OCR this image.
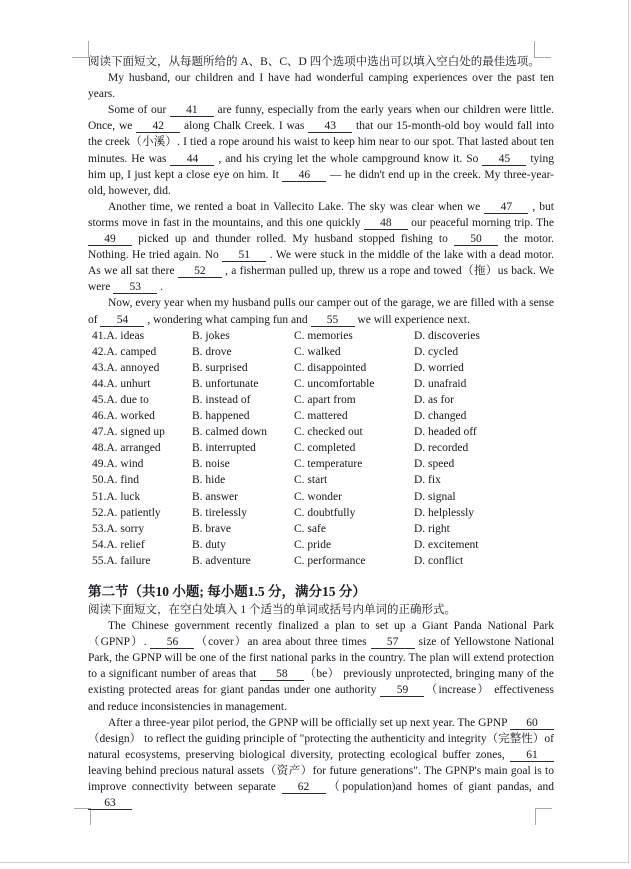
阅读下面短文，从每题所给的 A、B、C、D 四个选项中选出可以填入空白处的最佳选项。
My husband, our children and I have had wonderful camping experiences over the past ten years.
Some of our 41 are funny, especially from the early years when our children were little. Once, we 42 along Chalk Creek. I was 43 that our 15-month-old boy would fall into the creek（小溪）. I tied a rope around his waist to keep him near to our spot. That lasted about ten minutes. He was 44 , and his crying let the whole campground know it. So 45 tying him up, I just kept a close eye on him. It 46 — he didn't end up in the creek. My three-year-old, however, did.
Another time, we rented a boat in Vallecito Lake. The sky was clear when we 47 , but storms move in fast in the mountains, and this one quickly 48 our peaceful morning trip. The 49 picked up and thunder rolled. My husband stopped fishing to 50 the motor. Nothing. He tried again. No 51 . We were stuck in the middle of the lake with a dead motor. As we all sat there 52 , a fisherman pulled up, threw us a rope and towed（拖）us back. We were 53 .
Now, every year when my husband pulls our camper out of the garage, we are filled with a sense of 54 , wondering what camping fun and 55 we will experience next.
41.A. ideas	B. jokes	C. memories	D. discoveries
42.A. camped	B. drove	C. walked	D. cycled
43.A. annoyed	B. surprised	C. disappointed	D. worried
44.A. unhurt	B. unfortunate	C. uncomfortable	D. unafraid
45.A. due to	B. instead of	C. apart from	D. as for
46.A. worked	B. happened	C. mattered	D. changed
47.A. signed up	B. calmed down	C. checked out	D. headed off
48.A. arranged	B. interrupted	C. completed	D. recorded
49.A. wind	B. noise	C. temperature	D. speed
50.A. find	B. hide	C. start	D. fix
51.A. luck	B. answer	C. wonder	D. signal
52.A. patiently	B. tirelessly	C. doubtfully	D. helplessly
53.A. sorry	B. brave	C. safe	D. right
54.A. relief	B. duty	C. pride	D. excitement
55.A. failure	B. adventure	C. performance	D. conflict
第二节（共10 小题; 每小题1.5 分，满分15 分）
阅读下面短文，在空白处填入 1 个适当的单词或括号内单词的正确形式。
The Chinese government recently finalized a plan to set up a Giant Panda National Park（GPNP）. 56 （cover）an area about three times 57 size of Yellowstone National Park, the GPNP will be one of the first national parks in the country. The plan will extend protection to a significant number of areas that 58 （be） previously unprotected, bringing many of the existing protected areas for giant pandas under one authority 59 （increase） effectiveness and reduce inconsistencies in management.
After a three-year pilot period, the GPNP will be officially set up next year. The GPNP 60（design） to reflect the guiding principle of "protecting the authenticity and integrity（完整性）of natural ecosystems, preserving biological diversity, protecting ecological buffer zones, 61 leaving behind precious natural assets（资产）for future generations". The GPNP's main goal is to improve connectivity between separate 62 （population)and homes of giant pandas, and 63
